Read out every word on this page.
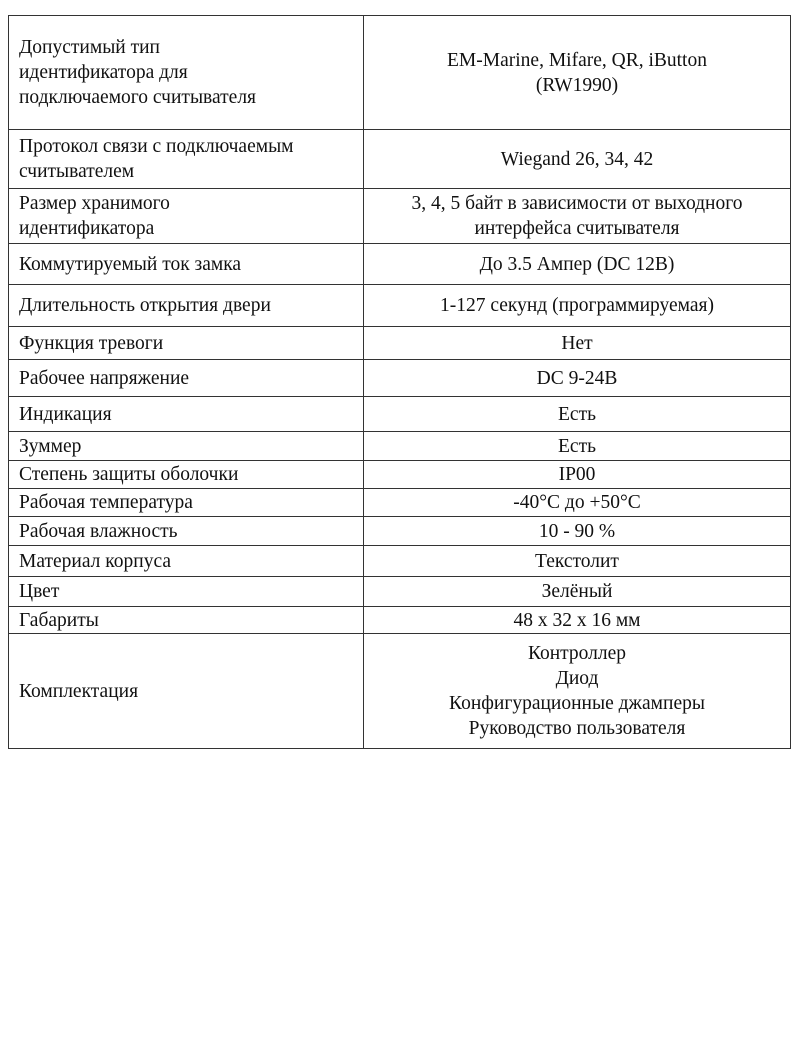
Допустимый тип
идентификатора для
подключаемого считывателя	EM-Marine, Mifare, QR, iButton
(RW1990)

Протокол связи с подключаемым
считывателем	Wiegand 26, 34, 42

Размер хранимого
идентификатора	3, 4, 5 байт в зависимости от выходного
интерфейса считывателя

Коммутируемый ток замка	До 3.5 Ампер (DC 12В)

Длительность открытия двери	1-127 секунд (программируемая)

Функция тревоги	Нет

Рабочее напряжение	DC 9-24В

Индикация	Есть

Зуммер	Есть

Степень защиты оболочки	IP00

Рабочая температура	-40°С до +50°С

Рабочая влажность	10 - 90 %

Материал корпуса	Текстолит

Цвет	Зелёный

Габариты	48 х 32 х 16 мм

Комплектация	Контроллер
Диод
Конфигурационные джамперы
Руководство пользователя
